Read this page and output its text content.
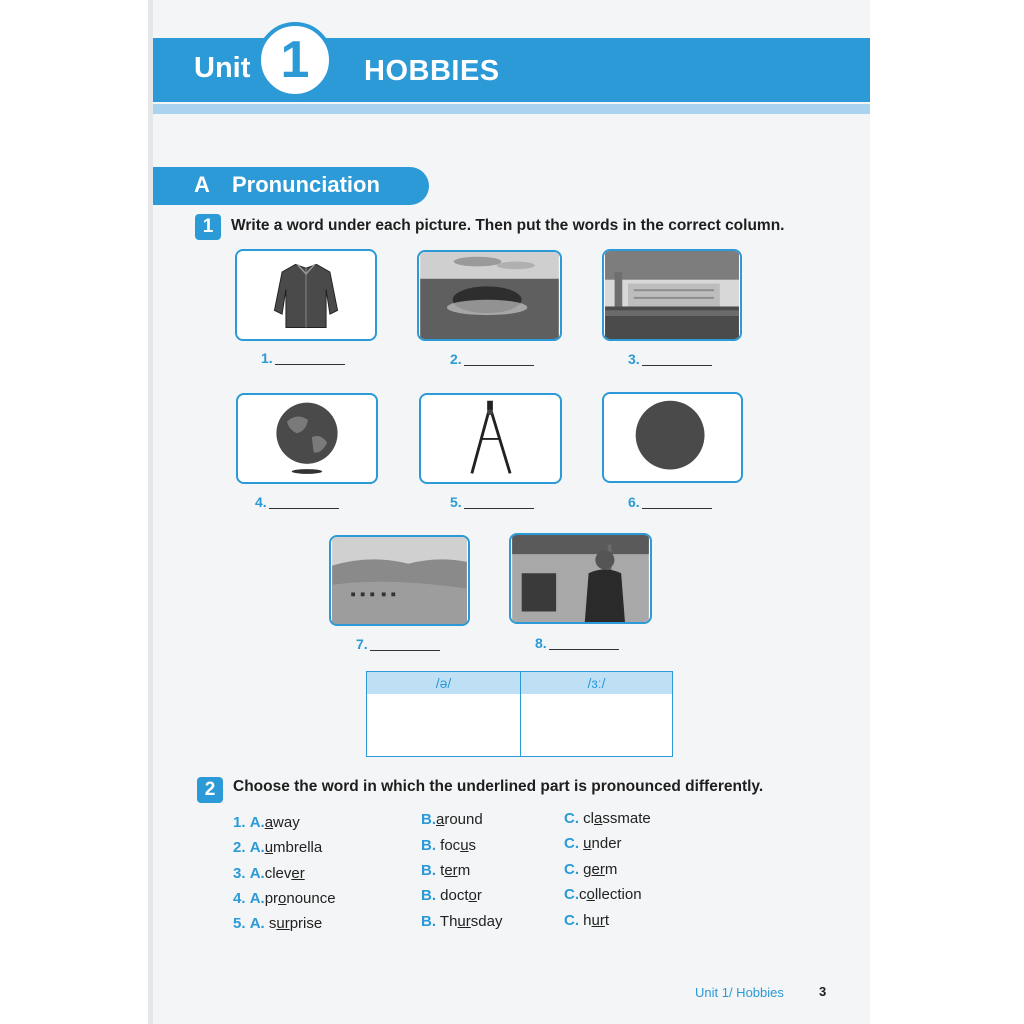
Unit 1	HOBBIES
A Pronunciation
1	Write a word under each picture. Then put the words in the correct column.
1.	2.	3.
4.	5.	6.
7.	8.
/ə/	/ɜː/
2	Choose the word in which the underlined part is pronounced differently.
1. A.away	B.around	C. classmate
2. A.umbrella	B. focus	C. under
3. A.clever	B. term	C. germ
4. A.pronounce	B. doctor	C.collection
5. A. surprise	B. Thursday	C. hurt
Unit 1/ Hobbies	3
